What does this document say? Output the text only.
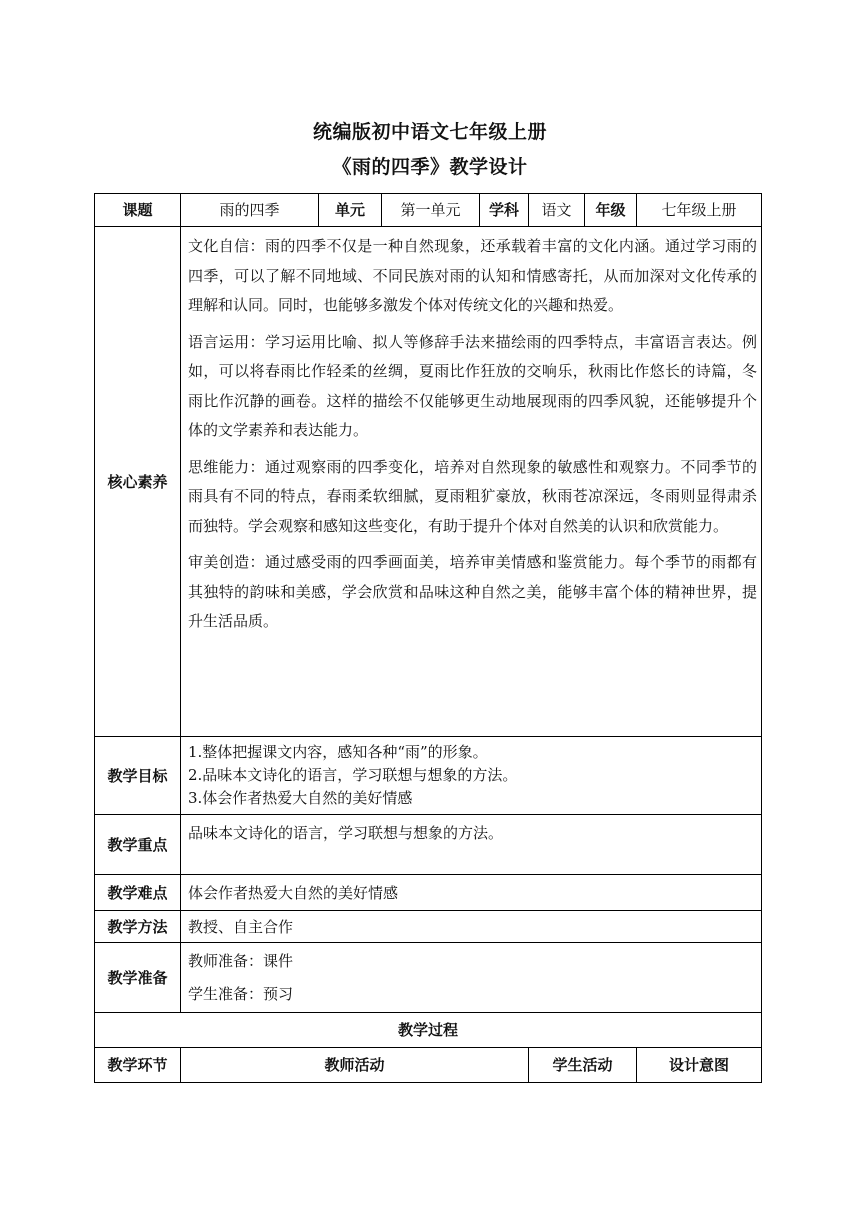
统编版初中语文七年级上册
《雨的四季》教学设计
课题	雨的四季	单元	第一单元	学科	语文	年级	七年级上册
核心素养	文化自信：雨的四季不仅是一种自然现象，还承载着丰富的文化内涵。通过学习雨的四季，可以了解不同地域、不同民族对雨的认知和情感寄托，从而加深对文化传承的理解和认同。同时，也能够多激发个体对传统文化的兴趣和热爱。

语言运用：学习运用比喻、拟人等修辞手法来描绘雨的四季特点，丰富语言表达。例如，可以将春雨比作轻柔的丝绸，夏雨比作狂放的交响乐，秋雨比作悠长的诗篇，冬雨比作沉静的画卷。这样的描绘不仅能够更生动地展现雨的四季风貌，还能够提升个体的文学素养和表达能力。

思维能力：通过观察雨的四季变化，培养对自然现象的敏感性和观察力。不同季节的雨具有不同的特点，春雨柔软细腻，夏雨粗犷豪放，秋雨苍凉深远，冬雨则显得肃杀而独特。学会观察和感知这些变化，有助于提升个体对自然美的认识和欣赏能力。

审美创造：通过感受雨的四季画面美，培养审美情感和鉴赏能力。每个季节的雨都有其独特的韵味和美感，学会欣赏和品味这种自然之美，能够丰富个体的精神世界，提升生活品质。						

教学目标	1.整体把握课文内容，感知各种“雨”的形象。

2.品味本文诗化的语言，学习联想与想象的方法。

3.体会作者热爱大自然的美好情感						

教学重点	品味本文诗化的语言，学习联想与想象的方法。						
教学难点	体会作者热爱大自然的美好情感						
教学方法	教授、自主合作						
教学准备	教师准备：课件

学生准备：预习						

教学过程							
教学环节	教师活动				学生活动		设计意图
